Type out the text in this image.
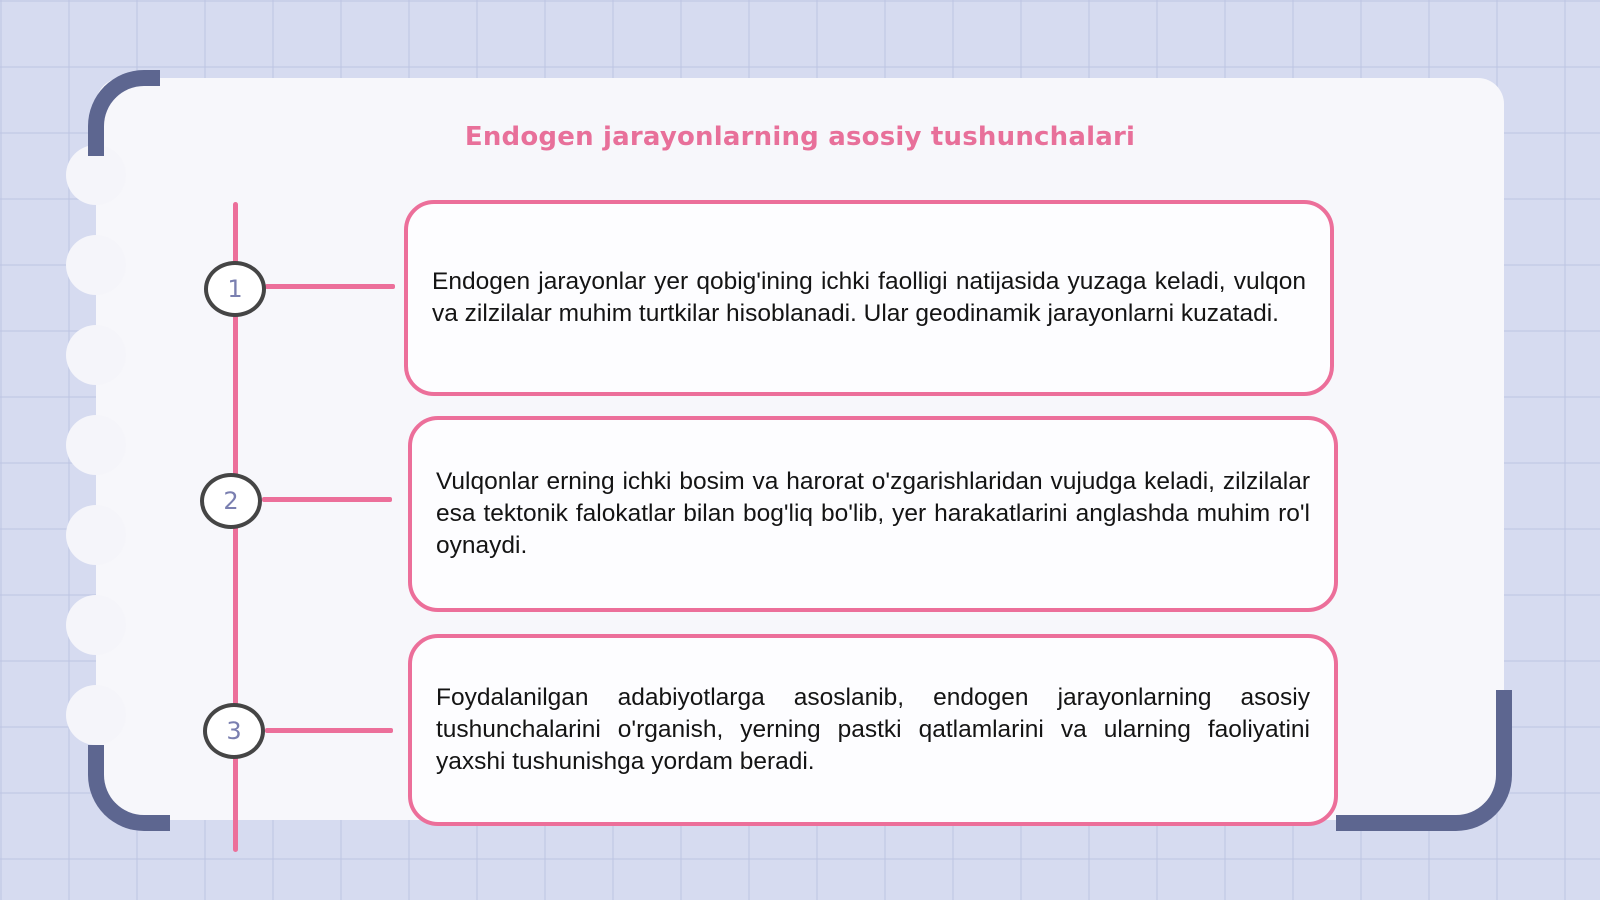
Endogen jarayonlarning asosiy tushunchalari
1	Endogen jarayonlar yer qobig'ining ichki faolligi natijasida yuzaga keladi, vulqon va zilzilalar muhim turtkilar hisoblanadi. Ular geodinamik jarayonlarni kuzatadi.

2

Vulqonlar erning ichki bosim va harorat o'zgarishlaridan vujudga keladi, zilzilalar esa tektonik falokatlar bilan bog'liq bo'lib, yer harakatlarini anglashda muhim ro'l oynaydi.

3

Foydalanilgan adabiyotlarga asoslanib, endogen jarayonlarning asosiy tushunchalarini o'rganish, yerning pastki qatlamlarini va ularning faoliyatini yaxshi tushunishga yordam beradi.
